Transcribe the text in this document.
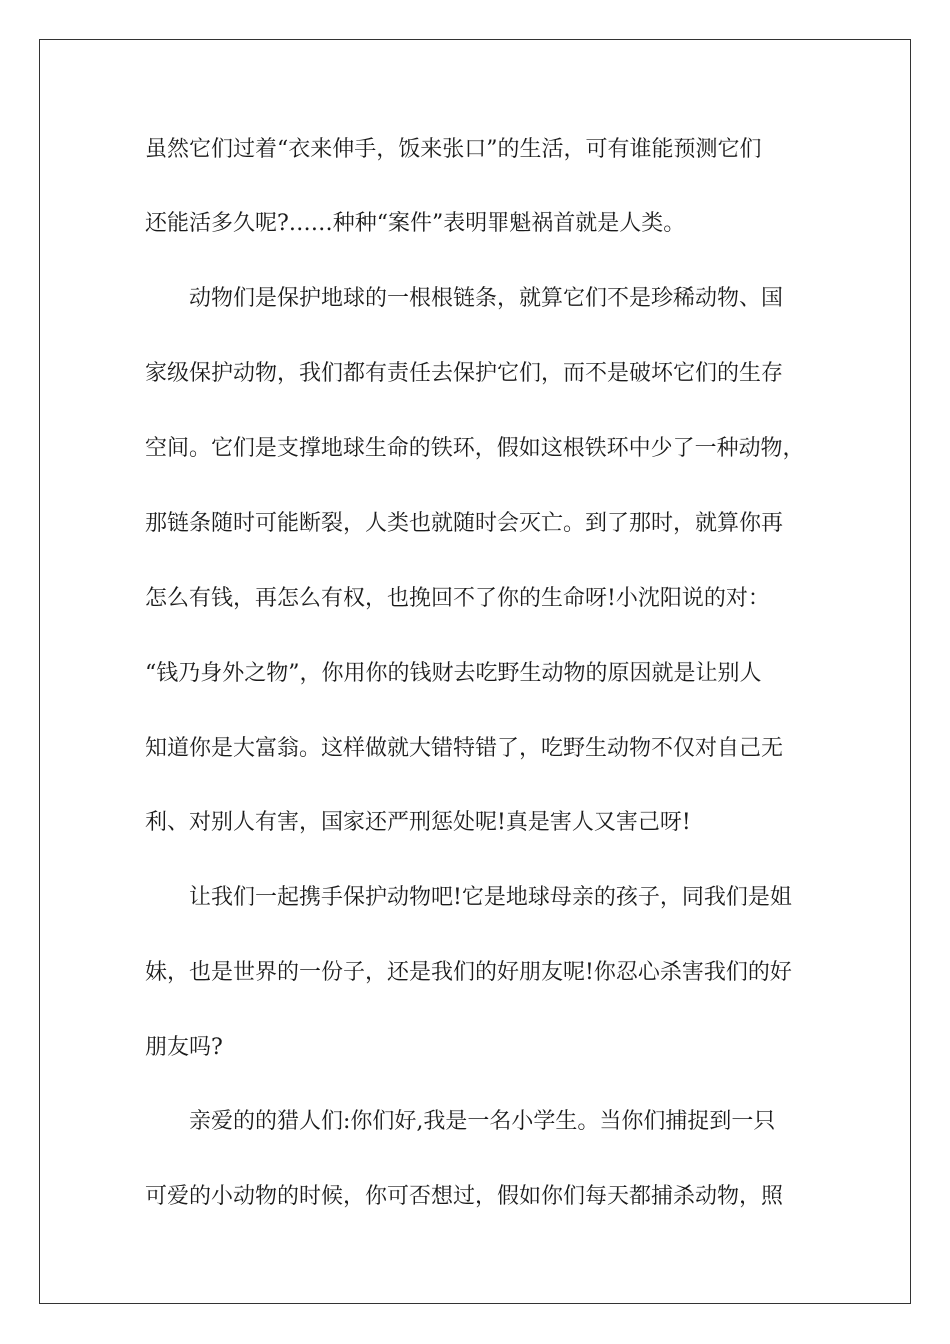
虽然它们过着“衣来伸手，饭来张口”的生活，可有谁能预测它们
还能活多久呢?……种种“案件”表明罪魁祸首就是人类。
动物们是保护地球的一根根链条，就算它们不是珍稀动物、国
家级保护动物，我们都有责任去保护它们，而不是破坏它们的生存
空间。它们是支撑地球生命的铁环，假如这根铁环中少了一种动物，
那链条随时可能断裂，人类也就随时会灭亡。到了那时，就算你再
怎么有钱，再怎么有权，也挽回不了你的生命呀!小沈阳说的对：
“钱乃身外之物”，你用你的钱财去吃野生动物的原因就是让别人
知道你是大富翁。这样做就大错特错了，吃野生动物不仅对自己无
利、对别人有害，国家还严刑惩处呢!真是害人又害己呀!
让我们一起携手保护动物吧!它是地球母亲的孩子，同我们是姐
妹，也是世界的一份子，还是我们的好朋友呢!你忍心杀害我们的好
朋友吗?
亲爱的的猎人们:你们好,我是一名小学生。当你们捕捉到一只
可爱的小动物的时候，你可否想过，假如你们每天都捕杀动物，照
